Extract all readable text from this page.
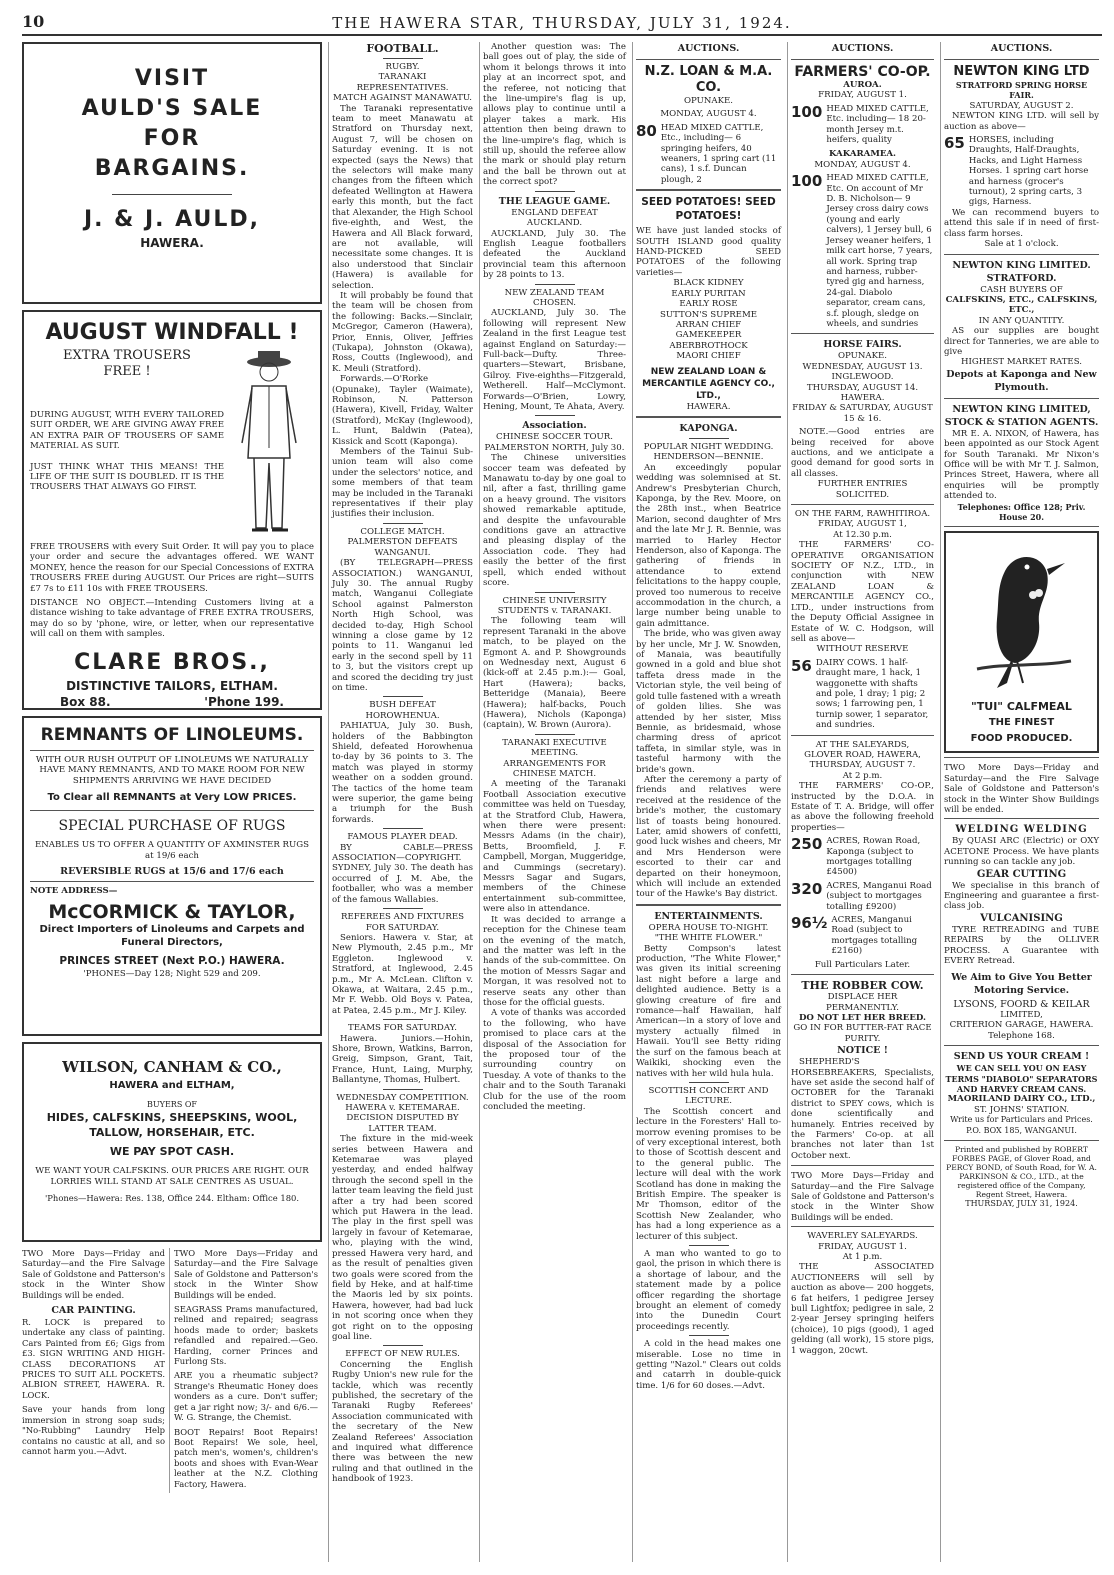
10	THE HAWERA STAR, THURSDAY, JULY 31, 1924.
VISIT
AULD'S SALE
FOR
BARGAINS.
J. & J. AULD,
HAWERA.
AUGUST WINDFALL !
EXTRA TROUSERS
FREE !

DURING AUGUST, WITH EVERY TAILORED SUIT ORDER, WE ARE GIVING AWAY FREE AN EXTRA PAIR OF TROUSERS OF SAME MATERIAL AS SUIT.

JUST THINK WHAT THIS MEANS! THE LIFE OF THE SUIT IS DOUBLED. IT IS THE TROUSERS THAT ALWAYS GO FIRST.

FREE TROUSERS with every Suit Order. It will pay you to place your order and secure the advantages offered. WE WANT MONEY, hence the reason for our Special Concessions of EXTRA TROUSERS FREE during AUGUST. Our Prices are right—SUITS £7 7s to £11 10s with FREE TROUSERS.

DISTANCE NO OBJECT.—Intending Customers living at a distance wishing to take advantage of FREE EXTRA TROUSERS, may do so by 'phone, wire, or letter, when our representative will call on them with samples.

CLARE BROS.,
DISTINCTIVE TAILORS, ELTHAM.
Box 88.	'Phone 199.
REMNANTS OF LINOLEUMS.
WITH OUR RUSH OUTPUT OF LINOLEUMS WE NATURALLY HAVE MANY REMNANTS, AND TO MAKE ROOM FOR NEW SHIPMENTS ARRIVING WE HAVE DECIDED
To Clear all REMNANTS at Very LOW PRICES.
SPECIAL PURCHASE OF RUGS
ENABLES US TO OFFER A QUANTITY OF AXMINSTER RUGS at 19/6 each
REVERSIBLE RUGS at 15/6 and 17/6 each
NOTE ADDRESS—
McCORMICK & TAYLOR,
Direct Importers of Linoleums and Carpets and Funeral Directors,
PRINCES STREET (Next P.O.) HAWERA.
'PHONES—Day 128; Night 529 and 209.
WILSON, CANHAM & CO.,
HAWERA and ELTHAM,
BUYERS OF
HIDES, CALFSKINS, SHEEPSKINS, WOOL, TALLOW, HORSEHAIR, ETC.
WE PAY SPOT CASH.
WE WANT YOUR CALFSKINS. OUR PRICES ARE RIGHT. OUR LORRIES WILL STAND AT SALE CENTRES AS USUAL.
'Phones—Hawera: Res. 138, Office 244. Eltham: Office 180.
TWO More Days—Friday and Saturday—and the Fire Salvage Sale of Goldstone and Patterson's stock in the Winter Show Buildings will be ended.
CAR PAINTING.
R. LOCK is prepared to undertake any class of painting. Cars Painted from £6; Gigs from £3. SIGN WRITING AND HIGH-CLASS DECORATIONS AT PRICES TO SUIT ALL POCKETS. ALBION STREET, HAWERA. R. LOCK.
Save your hands from long immersion in strong soap suds; "No-Rubbing" Laundry Help contains no caustic at all, and so cannot harm you.—Advt.
TWO More Days—Friday and Saturday—and the Fire Salvage Sale of Goldstone and Patterson's stock in the Winter Show Buildings will be ended.
SEAGRASS Prams manufactured, relined and repaired; seagrass hoods made to order; baskets refandled and repaired.—Geo. Harding, corner Princes and Furlong Sts.
ARE you a rheumatic subject? Strange's Rheumatic Honey does wonders as a cure. Don't suffer; get a jar right now; 3/- and 6/6.—W. G. Strange, the Chemist.
BOOT Repairs! Boot Repairs! Boot Repairs! We sole, heel, patch men's, women's, children's boots and shoes with Evan-Wear leather at the N.Z. Clothing Factory, Hawera.
FOOTBALL.
RUGBY.
TARANAKI REPRESENTATIVES.
MATCH AGAINST MANAWATU.

The Taranaki representative team to meet Manawatu at Stratford on Thursday next, August 7, will be chosen on Saturday evening. It is not expected (says the News) that the selectors will make many changes from the fifteen which defeated Wellington at Hawera early this month, but the fact that Alexander, the High School five-eighth, and West, the Hawera and All Black forward, are not available, will necessitate some changes. It is also understood that Sinclair (Hawera) is available for selection.

It will probably be found that the team will be chosen from the following: Backs.—Sinclair, McGregor, Cameron (Hawera), Prior, Ennis, Oliver, Jeffries (Tukapa), Johnston (Okawa), Ross, Coutts (Inglewood), and K. Meuli (Stratford).

Forwards.—O'Rorke (Opunake), Tayler (Waimate), Robinson, N. Patterson (Hawera), Kivell, Friday, Walter (Stratford), McKay (Inglewood), L. Hunt, Baldwin (Patea), Kissick and Scott (Kaponga).

Members of the Tainui Sub-union team will also come under the selectors' notice, and some members of that team may be included in the Taranaki representatives if their play justifies their inclusion.

COLLEGE MATCH.
PALMERSTON DEFEATS WANGANUI.

(BY TELEGRAPH—PRESS ASSOCIATION.) WANGANUI, July 30. The annual Rugby match, Wanganui Collegiate School against Palmerston North High School, was decided to-day, High School winning a close game by 12 points to 11. Wanganui led early in the second spell by 11 to 3, but the visitors crept up and scored the deciding try just on time.

BUSH DEFEAT HOROWHENUA.

PAHIATUA, July 30. Bush, holders of the Babbington Shield, defeated Horowhenua to-day by 36 points to 3. The match was played in stormy weather on a sodden ground. The tactics of the home team were superior, the game being a triumph for the Bush forwards.

FAMOUS PLAYER DEAD.

BY CABLE—PRESS ASSOCIATION—COPYRIGHT. SYDNEY, July 30. The death has occurred of J. M. Abe, the footballer, who was a member of the famous Wallabies.

REFEREES AND FIXTURES FOR SATURDAY.

Seniors. Hawera v. Star, at New Plymouth, 2.45 p.m., Mr Eggleton. Inglewood v. Stratford, at Inglewood, 2.45 p.m., Mr A. McLean. Clifton v. Okawa, at Waitara, 2.45 p.m., Mr F. Webb. Old Boys v. Patea, at Patea, 2.45 p.m., Mr J. Kiley.

TEAMS FOR SATURDAY.

Hawera. Juniors.—Hohin, Shore, Brown, Watkins, Barron, Greig, Simpson, Grant, Tait, France, Hunt, Laing, Murphy, Ballantyne, Thomas, Hulbert.

WEDNESDAY COMPETITION.
HAWERA v. KETEMARAE.
DECISION DISPUTED BY LATTER TEAM.

The fixture in the mid-week series between Hawera and Ketemarae was played yesterday, and ended halfway through the second spell in the latter team leaving the field just after a try had been scored which put Hawera in the lead. The play in the first spell was largely in favour of Ketemarae, who, playing with the wind, pressed Hawera very hard, and as the result of penalties given two goals were scored from the field by Heke, and at half-time the Maoris led by six points. Hawera, however, had bad luck in not scoring once when they got right on to the opposing goal line.

EFFECT OF NEW RULES.

Concerning the English Rugby Union's new rule for the tackle, which was recently published, the secretary of the Taranaki Rugby Referees' Association communicated with the secretary of the New Zealand Referees' Association and inquired what difference there was between the new ruling and that outlined in the handbook of 1923.

Another question was: The ball goes out of play, the side of whom it belongs throws it into play at an incorrect spot, and the referee, not noticing that the line-umpire's flag is up, allows play to continue until a player takes a mark. His attention then being drawn to the line-umpire's flag, which is still up, should the referee allow the mark or should play return and the ball be thrown out at the correct spot?

THE LEAGUE GAME.
ENGLAND DEFEAT AUCKLAND.

AUCKLAND, July 30. The English League footballers defeated the Auckland provincial team this afternoon by 28 points to 13.

NEW ZEALAND TEAM CHOSEN.

AUCKLAND, July 30. The following will represent New Zealand in the first League test against England on Saturday:— Full-back—Dufty. Three-quarters—Stewart, Brisbane, Gilroy. Five-eighths—Fitzgerald, Wetherell. Half—McClymont. Forwards—O'Brien, Lowry, Hening, Mount, Te Ahata, Avery.

Association.
CHINESE SOCCER TOUR.
PALMERSTON NORTH, July 30.

The Chinese universities soccer team was defeated by Manawatu to-day by one goal to nil, after a fast, thrilling game on a heavy ground. The visitors showed remarkable aptitude, and despite the unfavourable conditions gave an attractive and pleasing display of the Association code. They had easily the better of the first spell, which ended without score.

CHINESE UNIVERSITY STUDENTS v. TARANAKI.

The following team will represent Taranaki in the above match, to be played on the Egmont A. and P. Showgrounds on Wednesday next, August 6 (kick-off at 2.45 p.m.):— Goal, Hart (Hawera); backs, Betteridge (Manaia), Beere (Hawera); half-backs, Pouch (Hawera), Nichols (Kaponga) (captain), W. Brown (Aurora).

TARANAKI EXECUTIVE MEETING.
ARRANGEMENTS FOR CHINESE MATCH.

A meeting of the Taranaki Football Association executive committee was held on Tuesday, at the Stratford Club, Hawera, when there were present: Messrs Adams (in the chair), Betts, Broomfield, J. F. Campbell, Morgan, Muggeridge, and Cummings (secretary). Messrs Sagar and Sugars, members of the Chinese entertainment sub-committee, were also in attendance.

It was decided to arrange a reception for the Chinese team on the evening of the match, and the matter was left in the hands of the sub-committee. On the motion of Messrs Sagar and Morgan, it was resolved not to reserve seats any other than those for the official guests.

A vote of thanks was accorded to the following, who have promised to place cars at the disposal of the Association for the proposed tour of the surrounding country on Tuesday. A vote of thanks to the chair and to the South Taranaki Club for the use of the room concluded the meeting.

AUCTIONS.
N.Z. LOAN & M.A. CO.
OPUNAKE.
MONDAY, AUGUST 4.
80 HEAD MIXED CATTLE, Etc., including— 6 springing heifers, 40 weaners, 1 spring cart (11 cans), 1 s.f. Duncan plough, 2
SEED POTATOES! SEED POTATOES!

WE have just landed stocks of SOUTH ISLAND good quality HAND-PICKED SEED POTATOES of the following varieties—

BLACK KIDNEY
EARLY PURITAN
EARLY ROSE
SUTTON'S SUPREME
ARRAN CHIEF
GAMEKEEPER
ABERBROTHOCK
MAORI CHIEF
NEW ZEALAND LOAN & MERCANTILE AGENCY CO., LTD.,
HAWERA.
KAPONGA.
POPULAR NIGHT WEDDING.
HENDERSON—BENNIE.

An exceedingly popular wedding was solemnised at St. Andrew's Presbyterian Church, Kaponga, by the Rev. Moore, on the 28th inst., when Beatrice Marion, second daughter of Mrs and the late Mr J. R. Bennie, was married to Harley Hector Henderson, also of Kaponga. The gathering of friends in attendance to extend felicitations to the happy couple, proved too numerous to receive accommodation in the church, a large number being unable to gain admittance.

The bride, who was given away by her uncle, Mr J. W. Snowden, of Manaia, was beautifully gowned in a gold and blue shot taffeta dress made in the Victorian style, the veil being of gold tulle fastened with a wreath of golden lilies. She was attended by her sister, Miss Bennie, as bridesmaid, whose charming dress of apricot taffeta, in similar style, was in tasteful harmony with the bride's gown.

After the ceremony a party of friends and relatives were received at the residence of the bride's mother, the customary list of toasts being honoured. Later, amid showers of confetti, good luck wishes and cheers, Mr and Mrs Henderson were escorted to their car and departed on their honeymoon, which will include an extended tour of the Hawke's Bay district.

ENTERTAINMENTS.
OPERA HOUSE TO-NIGHT.
"THE WHITE FLOWER."

Betty Compson's latest production, "The White Flower," was given its initial screening last night before a large and delighted audience. Betty is a glowing creature of fire and romance—half Hawaiian, half American—in a story of love and mystery actually filmed in Hawaii. You'll see Betty riding the surf on the famous beach at Waikiki, shocking even the natives with her wild hula hula.

SCOTTISH CONCERT AND LECTURE.

The Scottish concert and lecture in the Foresters' Hall to-morrow evening promises to be of very exceptional interest, both to those of Scottish descent and to the general public. The lecture will deal with the work Scotland has done in making the British Empire. The speaker is Mr Thomson, editor of the Scottish New Zealander, who has had a long experience as a lecturer of this subject.

A man who wanted to go to gaol, the prison in which there is a shortage of labour, and the statement made by a police officer regarding the shortage brought an element of comedy into the Dunedin Court proceedings recently.

A cold in the head makes one miserable. Lose no time in getting "Nazol." Clears out colds and catarrh in double-quick time. 1/6 for 60 doses.—Advt.

AUCTIONS.
FARMERS' CO-OP.
AUROA.
FRIDAY, AUGUST 1.
100 HEAD MIXED CATTLE, Etc. including— 18 20-month Jersey m.t. heifers, quality
KAKARAMEA.
MONDAY, AUGUST 4.
100 HEAD MIXED CATTLE, Etc. On account of Mr D. B. Nicholson— 9 Jersey cross dairy cows (young and early calvers), 1 Jersey bull, 6 Jersey weaner heifers, 1 milk cart horse, 7 years, all work. Spring trap and harness, rubber-tyred gig and harness, 24-gal. Diabolo separator, cream cans, s.f. plough, sledge on wheels, and sundries
HORSE FAIRS.
OPUNAKE.
WEDNESDAY, AUGUST 13.
INGLEWOOD.
THURSDAY, AUGUST 14.
HAWERA.
FRIDAY & SATURDAY, AUGUST 15 & 16.

NOTE.—Good entries are being received for above auctions, and we anticipate a good demand for good sorts in all classes.

FURTHER ENTRIES SOLICITED.
ON THE FARM, RAWHITIROA.
FRIDAY, AUGUST 1,
At 12.30 p.m.

THE FARMERS' CO-OPERATIVE ORGANISATION SOCIETY OF N.Z., LTD., in conjunction with NEW ZEALAND LOAN & MERCANTILE AGENCY CO., LTD., under instructions from the Deputy Official Assignee in Estate of W. C. Hodgson, will sell as above—

WITHOUT RESERVE
56 DAIRY COWS. 1 half-draught mare, 1 hack, 1 waggonette with shafts and pole, 1 dray; 1 pig; 2 sows; 1 farrowing pen, 1 turnip sower, 1 separator, and sundries.
AT THE SALEYARDS,
GLOVER ROAD, HAWERA,
THURSDAY, AUGUST 7.
At 2 p.m.

THE FARMERS' CO-OP., instructed by the D.O.A. in Estate of T. A. Bridge, will offer as above the following freehold properties—

250 ACRES, Rowan Road, Kaponga (subject to mortgages totalling £4500)
320 ACRES, Manganui Road (subject to mortgages totalling £9200)
96½ ACRES, Manganui Road (subject to mortgages totalling £2160)
Full Particulars Later.
THE ROBBER COW.
DISPLACE HER PERMANENTLY.
DO NOT LET HER BREED.
GO IN FOR BUTTER-FAT RACE PURITY.
NOTICE !

SHEPHERD'S HORSEBREAKERS, Specialists, have set aside the second half of OCTOBER for the Taranaki district to SPEY cows, which is done scientifically and humanely. Entries received by the Farmers' Co-op. at all branches not later than 1st October next.

TWO More Days—Friday and Saturday—and the Fire Salvage Sale of Goldstone and Patterson's stock in the Winter Show Buildings will be ended.
WAVERLEY SALEYARDS.
FRIDAY, AUGUST 1.
At 1 p.m.

THE ASSOCIATED AUCTIONEERS will sell by auction as above— 200 hoggets, 6 fat heifers, 1 pedigree Jersey bull Lightfox; pedigree in sale, 2 2-year Jersey springing heifers (choice), 10 pigs (good), 1 aged gelding (all work), 15 store pigs, 1 waggon, 20cwt.

AUCTIONS.
NEWTON KING LTD
STRATFORD SPRING HORSE FAIR.
SATURDAY, AUGUST 2.

NEWTON KING LTD. will sell by auction as above—

65 HORSES, including Draughts, Half-Draughts, Hacks, and Light Harness Horses. 1 spring cart horse and harness (grocer's turnout), 2 spring carts, 3 gigs, Harness.

We can recommend buyers to attend this sale if in need of first-class farm horses.

Sale at 1 o'clock.
NEWTON KING LIMITED. STRATFORD.
CASH BUYERS OF
CALFSKINS, ETC., CALFSKINS, ETC.,
IN ANY QUANTITY.

AS our supplies are bought direct for Tanneries, we are able to give

HIGHEST MARKET RATES.
Depots at Kaponga and New Plymouth.
NEWTON KING LIMITED, STOCK & STATION AGENTS.

MR E. A. NIXON, of Hawera, has been appointed as our Stock Agent for South Taranaki. Mr Nixon's Office will be with Mr T. J. Salmon, Princes Street, Hawera, where all enquiries will be promptly attended to.

Telephones: Office 128; Priv. House 20.
"TUI" CALFMEAL
THE FINEST
FOOD PRODUCED.
TWO More Days—Friday and Saturday—and the Fire Salvage Sale of Goldstone and Patterson's stock in the Winter Show Buildings will be ended.
WELDING WELDING

By QUASI ARC (Electric) or OXY ACETONE Process. We have plants running so can tackle any job.

GEAR CUTTING

We specialise in this branch of Engineering and guarantee a first-class job.

VULCANISING

TYRE RETREADING and TUBE REPAIRS by the OLLIVER PROCESS. A Guarantee with EVERY Retread.

We Aim to Give You Better Motoring Service.
LYSONS, FOORD & KEILAR
LIMITED,
CRITERION GARAGE, HAWERA.
Telephone 168.
SEND US YOUR CREAM !
WE CAN SELL YOU ON EASY TERMS "DIABOLO" SEPARATORS AND HARVEY CREAM CANS.
MAORILAND DAIRY CO., LTD.,
ST. JOHNS' STATION.
Write us for Particulars and Prices. P.O. BOX 185, WANGANUI.
Printed and published by ROBERT FORBES PAGE, of Glover Road, and PERCY BOND, of South Road, for W. A. PARKINSON & CO., LTD., at the registered office of the Company, Regent Street, Hawera.
THURSDAY, JULY 31, 1924.
